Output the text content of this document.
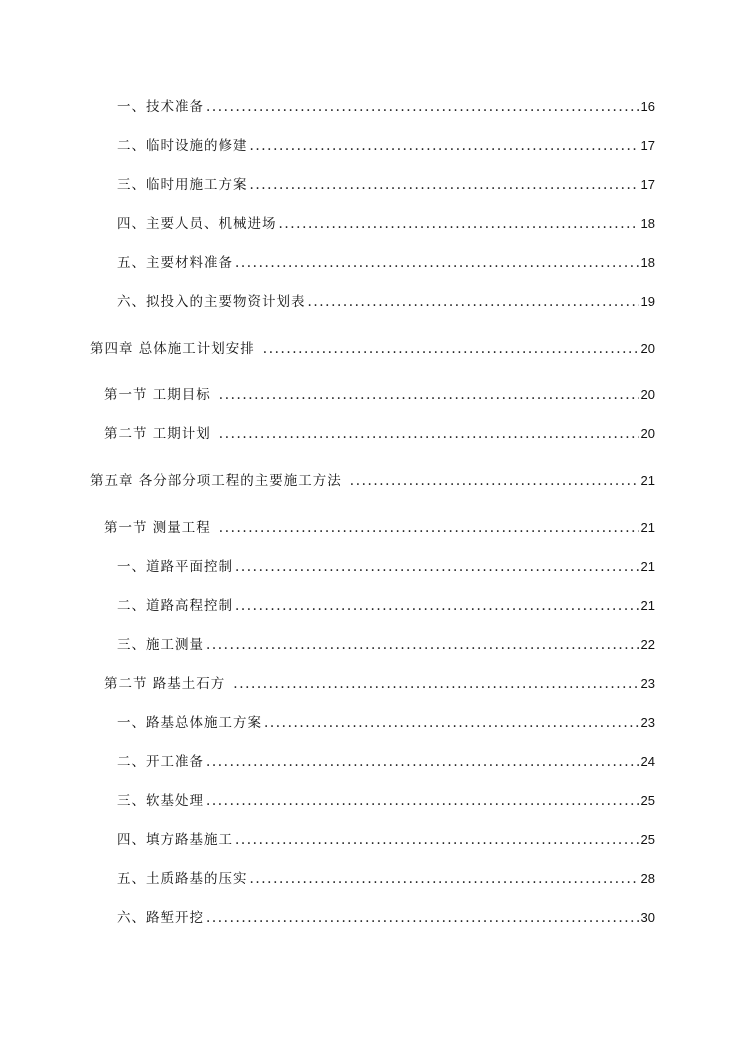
一、技术准备 .....	16
二、临时设施的修建 .....	17
三、临时用施工方案 .....	17
四、主要人员、机械进场 .....	18
五、主要材料准备 .....	18
六、拟投入的主要物资计划表 .....	19
第四章 总体施工计划安排 .....	20
第一节 工期目标 .....	20
第二节 工期计划 .....	20
第五章 各分部分项工程的主要施工方法 .....	21
第一节 测量工程 .....	21
一、道路平面控制 .....	21
二、道路高程控制 .....	21
三、施工测量 .....	22
第二节 路基土石方 .....	23
一、路基总体施工方案 .....	23
二、开工准备 .....	24
三、软基处理 .....	25
四、填方路基施工 .....	25
五、土质路基的压实 .....	28
六、路堑开挖 .....	30
